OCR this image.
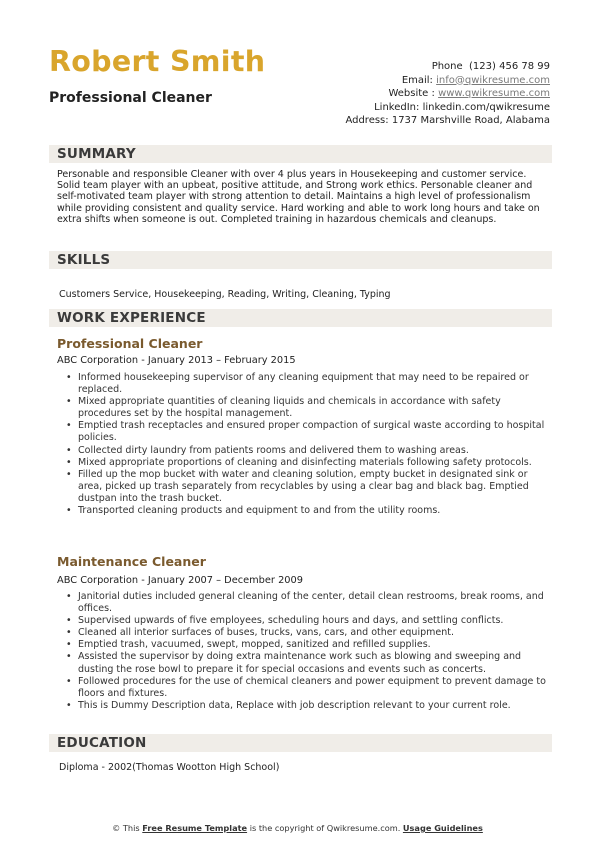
Robert Smith
Professional Cleaner
Phone (123) 456 78 99
Email: info@qwikresume.com
Website : www.qwikresume.com
LinkedIn: linkedin.com/qwikresume
Address: 1737 Marshville Road, Alabama
SUMMARY
Personable and responsible Cleaner with over 4 plus years in Housekeeping and customer service. Solid team player with an upbeat, positive attitude, and Strong work ethics. Personable cleaner and self-motivated team player with strong attention to detail. Maintains a high level of professionalism while providing consistent and quality service. Hard working and able to work long hours and take on extra shifts when someone is out. Completed training in hazardous chemicals and cleanups.
SKILLS
Customers Service, Housekeeping, Reading, Writing, Cleaning, Typing
WORK EXPERIENCE
Professional Cleaner
ABC Corporation - January 2013 – February 2015
• Informed housekeeping supervisor of any cleaning equipment that may need to be repaired or replaced.
• Mixed appropriate quantities of cleaning liquids and chemicals in accordance with safety procedures set by the hospital management.
• Emptied trash receptacles and ensured proper compaction of surgical waste according to hospital policies.
• Collected dirty laundry from patients rooms and delivered them to washing areas.
• Mixed appropriate proportions of cleaning and disinfecting materials following safety protocols.
• Filled up the mop bucket with water and cleaning solution, empty bucket in designated sink or area, picked up trash separately from recyclables by using a clear bag and black bag. Emptied dustpan into the trash bucket.
• Transported cleaning products and equipment to and from the utility rooms.
Maintenance Cleaner
ABC Corporation - January 2007 – December 2009
• Janitorial duties included general cleaning of the center, detail clean restrooms, break rooms, and offices.
• Supervised upwards of five employees, scheduling hours and days, and settling conflicts.
• Cleaned all interior surfaces of buses, trucks, vans, cars, and other equipment.
• Emptied trash, vacuumed, swept, mopped, sanitized and refilled supplies.
• Assisted the supervisor by doing extra maintenance work such as blowing and sweeping and dusting the rose bowl to prepare it for special occasions and events such as concerts.
• Followed procedures for the use of chemical cleaners and power equipment to prevent damage to floors and fixtures.
• This is Dummy Description data, Replace with job description relevant to your current role.
EDUCATION
Diploma - 2002(Thomas Wootton High School)
© This Free Resume Template is the copyright of Qwikresume.com. Usage Guidelines
